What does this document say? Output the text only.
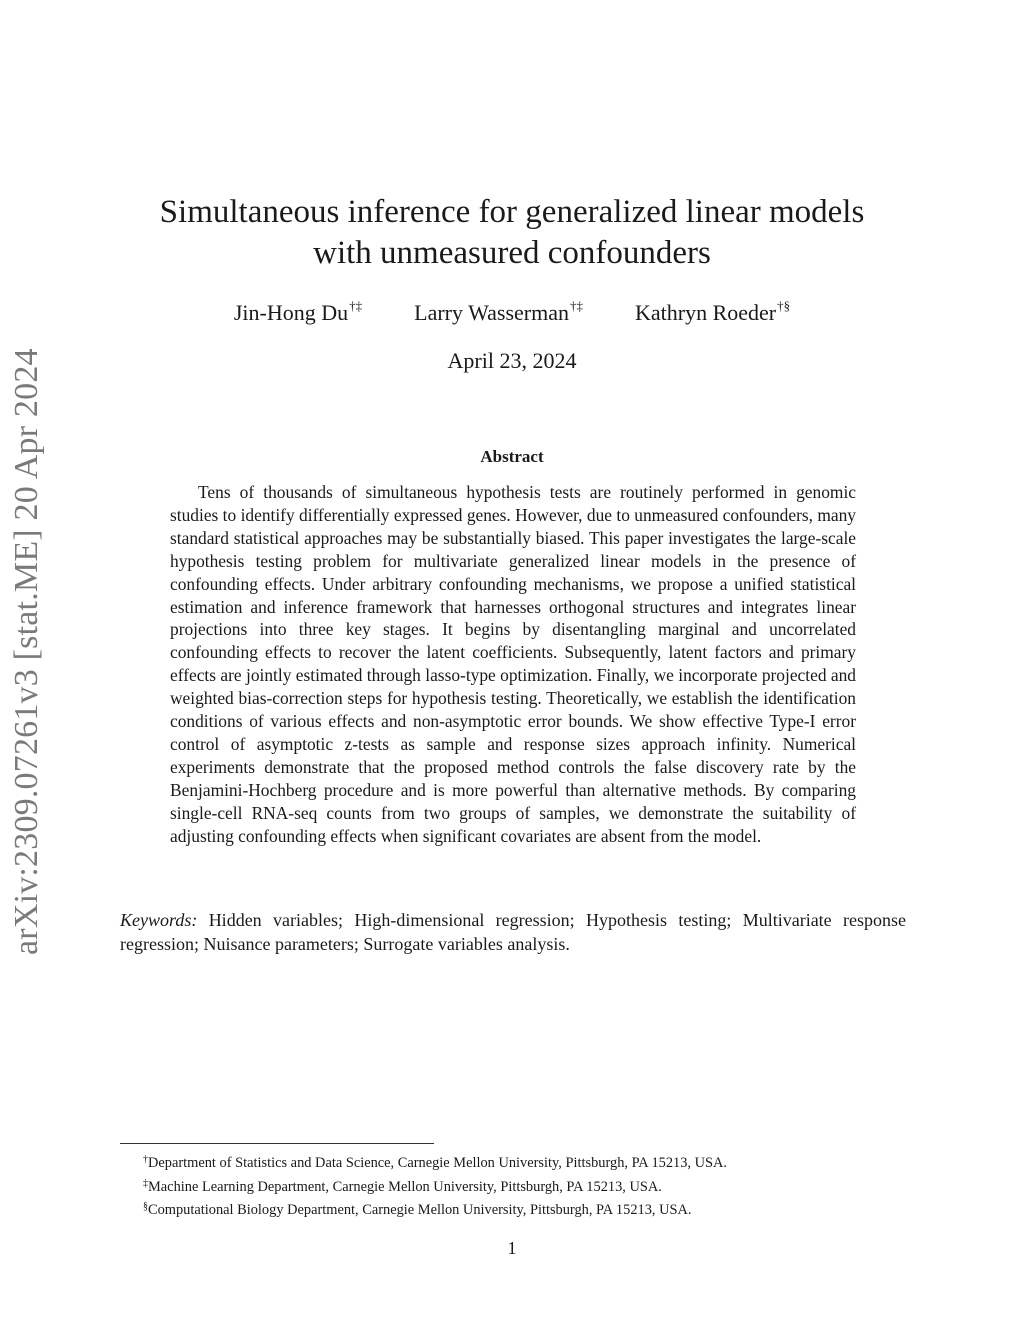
arXiv:2309.07261v3 [stat.ME] 20 Apr 2024
Simultaneous inference for generalized linear models
with unmeasured confounders
Jin-Hong Du†‡ Larry Wasserman†‡ Kathryn Roeder†§
April 23, 2024
Abstract
Tens of thousands of simultaneous hypothesis tests are routinely performed in genomic studies to identify differentially expressed genes. However, due to unmeasured confounders, many standard statistical approaches may be substantially biased. This paper investigates the large-scale hypothesis testing problem for multivariate generalized linear models in the presence of confounding effects. Under arbitrary confounding mechanisms, we propose a unified statistical estimation and inference framework that harnesses orthogonal structures and integrates linear projections into three key stages. It begins by disentangling marginal and uncorrelated confounding effects to recover the latent coefficients. Subsequently, latent factors and primary effects are jointly estimated through lasso-type optimization. Finally, we incorporate projected and weighted bias-correction steps for hypothesis testing. Theoretically, we establish the identification conditions of various effects and non-asymptotic error bounds. We show effective Type-I error control of asymptotic z-tests as sample and response sizes approach infinity. Numerical experiments demonstrate that the proposed method controls the false discovery rate by the Benjamini-Hochberg procedure and is more powerful than alternative methods. By comparing single-cell RNA-seq counts from two groups of samples, we demonstrate the suitability of adjusting confounding effects when significant covariates are absent from the model.
Keywords: Hidden variables; High-dimensional regression; Hypothesis testing; Multivariate response regression; Nuisance parameters; Surrogate variables analysis.
†Department of Statistics and Data Science, Carnegie Mellon University, Pittsburgh, PA 15213, USA.
‡Machine Learning Department, Carnegie Mellon University, Pittsburgh, PA 15213, USA.
§Computational Biology Department, Carnegie Mellon University, Pittsburgh, PA 15213, USA.
1
